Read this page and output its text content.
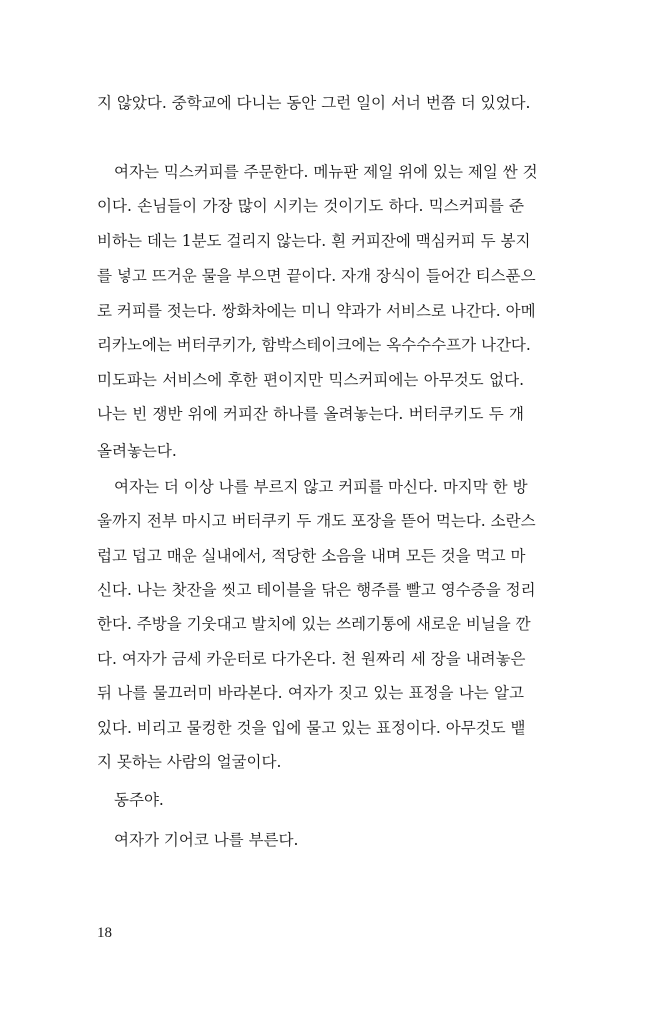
지 않았다. 중학교에 다니는 동안 그런 일이 서너 번쯤 더 있었다.
여자는 믹스커피를 주문한다. 메뉴판 제일 위에 있는 제일 싼 것
이다. 손님들이 가장 많이 시키는 것이기도 하다. 믹스커피를 준
비하는 데는 1분도 걸리지 않는다. 흰 커피잔에 맥심커피 두 봉지
를 넣고 뜨거운 물을 부으면 끝이다. 자개 장식이 들어간 티스푼으
로 커피를 젓는다. 쌍화차에는 미니 약과가 서비스로 나간다. 아메
리카노에는 버터쿠키가, 함박스테이크에는 옥수수수프가 나간다.
미도파는 서비스에 후한 편이지만 믹스커피에는 아무것도 없다.
나는 빈 쟁반 위에 커피잔 하나를 올려놓는다. 버터쿠키도 두 개
올려놓는다.
여자는 더 이상 나를 부르지 않고 커피를 마신다. 마지막 한 방
울까지 전부 마시고 버터쿠키 두 개도 포장을 뜯어 먹는다. 소란스
럽고 덥고 매운 실내에서, 적당한 소음을 내며 모든 것을 먹고 마
신다. 나는 찻잔을 씻고 테이블을 닦은 행주를 빨고 영수증을 정리
한다. 주방을 기웃대고 발치에 있는 쓰레기통에 새로운 비닐을 깐
다. 여자가 금세 카운터로 다가온다. 천 원짜리 세 장을 내려놓은
뒤 나를 물끄러미 바라본다. 여자가 짓고 있는 표정을 나는 알고
있다. 비리고 물컹한 것을 입에 물고 있는 표정이다. 아무것도 뱉
지 못하는 사람의 얼굴이다.
동주야.
여자가 기어코 나를 부른다.
18
